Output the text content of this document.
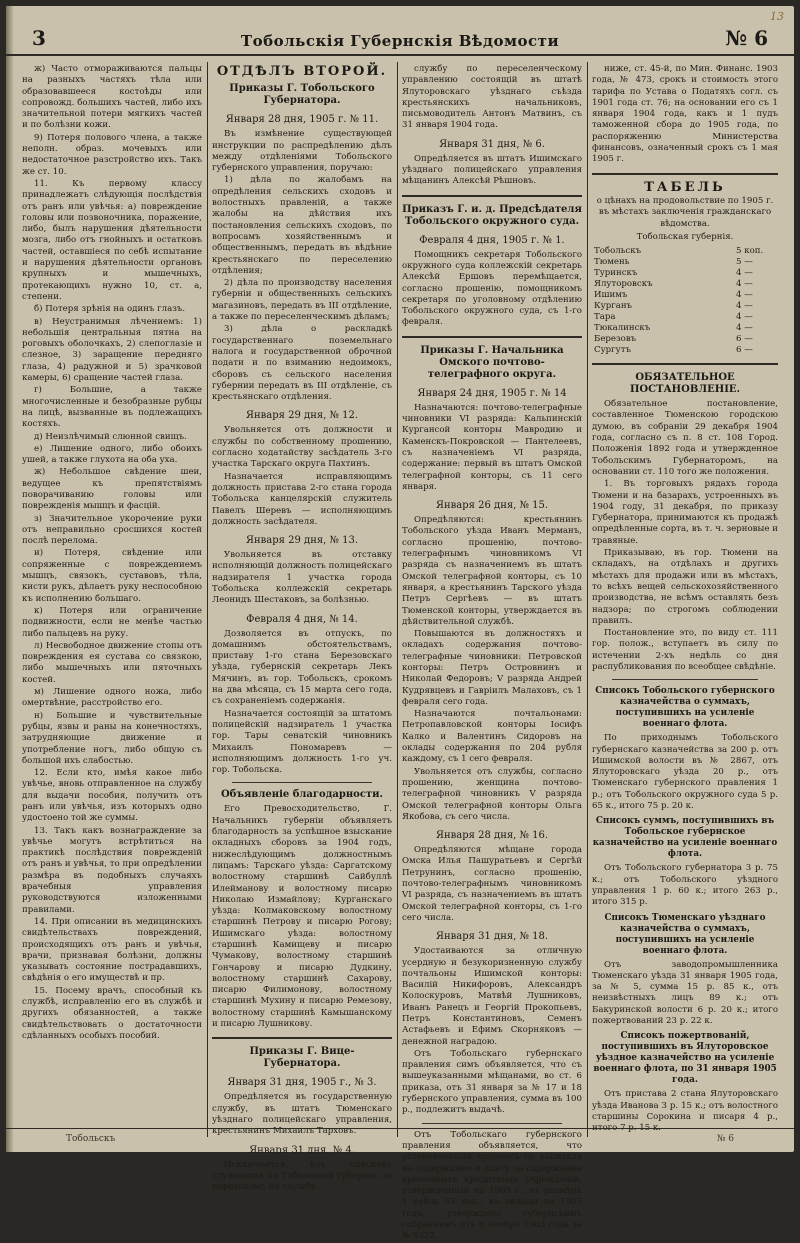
3	Тобольскія Губернскія Вѣдомости	№ 6
13

ж) Часто отмораживаются пальцы на разныхъ частяхъ тѣла или образовавшееся костоѣды или сопровожд. большихъ частей, либо ихъ значительной потери мягкихъ частей и по болѣзни кожи.

9) Потеря полового члена, а также неполн. образ. мочевыхъ или недостаточное разстройство ихъ. Такъ же ст. 10.

11. Къ первому классу принадлежатъ слѣдующія послѣдствія отъ ранъ или увѣчья: а) повреждение головы или позвоночника, поражение, либо, былъ нарушения дѣятельности мозга, либо отъ гнойныхъ и остатковъ частей, оставшіеся по себѣ испытание и нарушения дѣятельности органовъ крупныхъ и мышечныхъ, протекающихъ нужно 10, ст. а, степени.

б) Потеря зрѣнія на одинъ глазъ.

в) Неустранимыя лѣчениемъ: 1) небольшія центральныя пятна на роговыхъ оболочкахъ, 2) слепоглазіе и слезное, 3) заращение передняго глаза, 4) радужной и 5) зрачковой камеры, 6) сращение частей глаза.

г) Большие, а также многочисленные и безобразные рубцы на лицѣ, вызванные въ подлежащихъ костяхъ.

д) Неизлѣчимый слюнной свищъ.

е) Лишение одного, либо обоихъ ушей, а также глухота на оба уха.

ж) Небольшое свѣдение шеи, ведущее къ препятствіямъ поворачиванию головы или поврежденія мышцъ и фасцій.

з) Значительное укорочение руки отъ неправильно сросшихся костей послѣ перелома.

и) Потеря, свѣдение или сопряженные с повреждениемъ мышцъ, связокъ, суставовъ, тѣла, кисти рукъ, дѣлаетъ руку неспособною къ исполнению большаго.

к) Потеря или ограничение подвижности, если не менѣе частью либо пальцевъ на руку.

л) Несвободное движение стопы отъ повреждения ея сустава со связкою, либо мышечныхъ или пяточныхъ костей.

м) Лишение одного ножа, либо омертвѣние, расстройство его.

н) Большие и чувствительные рубцы, язвы и раны на конечностяхъ, затрудняющие движение и употребление ногъ, либо общую съ большой ихъ слабостью.

12. Если кто, имѣя какое либо увѣчье, вновь отправленное на службу для выдачи пособия, получить отъ ранъ или увѣчья, изъ которыхъ одно удостоено той же суммы.

13. Такъ какъ вознаграждение за увѣчье могутъ встрѣтиться на практикѣ послѣдствия поврежденій отъ ранъ и увѣчья, то при опредѣлении размѣра въ подобныхъ случаяхъ врачебныя управления руководствуются изложенными правилами.

14. При описании въ медицинскихъ свидѣтельствахъ повреждений, происходящихъ отъ ранъ и увѣчья, врачи, признавая болѣзни, должны указывать состояние пострадавшихъ, свѣдѣнія о его имуществѣ и пр.

15. Посему врачъ, способный къ службѣ, исправленію его въ службѣ и другихъ обязанностей, а также свидѣтельствовать о достаточности сдѣланныхъ особыхъ пособий.

ОТДѢЛЪ ВТОРОЙ.
Приказы Г. Тобольского Губернатора.
Января 28 дня, 1905 г. № 11.

Въ измѣнение существующей инструкции по распредѣлению дѣлъ между отдѣленіями Тобольского губернского управления, поручаю:

1) дѣла по жалобамъ на опредѣления сельскихъ сходовъ и волостныхъ правленій, а также жалобы на дѣйствия ихъ постановления сельскихъ сходовъ, по вопросамъ хозяйственнымъ и общественнымъ, передать въ вѣдѣние крестьянскаго по переселению отдѣления;

2) дѣла по производству населения губерніи и общественныхъ сельскихъ магазиновъ, передать въ III отдѣление, а также по переселенческимъ дѣламъ;

3) дѣла о раскладкѣ государственнаго поземельнаго налога и государственной оброчной подати и по взиманию недоимокъ, сборовъ съ сельского населения губернии передать въ III отдѣленіе, съ крестьянскаго отдѣления.

Января 29 дня, № 12.

Увольняется отъ должности и службы по собственному прошению, согласно ходатайству засѣдатель 3-го участка Тарскаго округа Пахтинъ.

Назначается исправляющимъ должность пристава 2-го стана города Тобольска канцелярскій служитель Павелъ Шеревъ — исполняющимъ должность засѣдателя.

Января 29 дня, № 13.

Увольняется въ отставку исполняющій должность полицейскаго надзирателя 1 участка города Тобольска коллежскій секретарь Леонидъ Шестаковъ, за болѣзнью.

Февраля 4 дня, № 14.

Дозволяется въ отпускъ, по домашнимъ обстоятельствамъ, приставу 1-го стана Березовскаго уѣзда, губернскій секретарь Лекъ Мячинъ, въ гор. Тобольскъ, срокомъ на два мѣсяца, съ 15 марта сего года, съ сохраненіемъ содержанія.

Назначается состоящій за штатомъ полицейскій надзиратель 1 участка гор. Тары сенатскій чиновникъ Михаилъ Пономаревъ — исполняющимъ должность 1-го уч. гор. Тобольска.

Объявленіе благодарности.

Его Превосходительство, Г. Начальникъ губерніи объявляетъ благодарность за успѣшное взыскание окладныхъ сборовъ за 1904 годъ, нижеслѣдующимъ должностнымъ лицамъ: Тарскаго уѣзда: Саргатскому волостному старшинѣ Сайбуллѣ Илейманову и волостному писарю Николаю Измайлову; Курганскаго уѣзда: Колмаковскому волостному старшинѣ Петрову и писарю Рогову; Ишимскаго уѣзда: волостному старшинѣ Камищеву и писарю Чумакову, волостному старшинѣ Гончарову и писарю Дудкину, волостному старшинѣ Сахарову, писарю Филимонову, волостному старшинѣ Мухину и писарю Ремезову, волостному старшинѣ Камышанскому и писарю Лушникову.

Приказы Г. Вице-Губернатора.
Января 31 дня, 1905 г., № 3.

Опредѣляется въ государственную службу, въ штатъ Тюменскаго уѣзднаго полицейскаго управления, крестьянинъ Михаилъ Тарховъ.

Января 31 дня, № 4.

Исключается изъ списковъ служащихъ по Тобольской губерніи, за переходомъ на службу.

службу по переселенческому управлению состоящій въ штатѣ Ялуторовскаго уѣзднаго съѣзда крестьянскихъ начальниковъ, письмоводитель Антонъ Матвинъ, съ 31 января 1904 года.

Января 31 дня, № 6.

Опредѣляется въ штатъ Ишимскаго уѣзднаго полицейскаго управления мѣщанинъ Алексѣй Рѣшновъ.

Приказъ Г. и. д. Предсѣдателя Тобольского окружного суда.
Февраля 4 дня, 1905 г. № 1.

Помощникъ секретаря Тобольского окружного суда коллежскій секретарь Алексѣй Ершовъ перемѣщается, согласно прошенію, помощникомъ секретаря по уголовному отдѣлению Тобольского окружного суда, съ 1-го февраля.

Приказы Г. Начальника Омского почтово-телеграфного округа.
Января 24 дня, 1905 г. № 14

Назначаются: почтово-телеграфные чиновники VI разряда: Кальпинскій Кургансой конторы Мавродию и Каменскъ-Покровской — Пантелеевъ, съ назначеніемъ VI разряда, содержание: первый въ штатъ Омской телеграфной конторы, съ 11 сего января.

Января 26 дня, № 15.

Опредѣляются: крестьянинъ Тобольского уѣзда Иванъ Мерманъ, согласно прошенію, почтово-телеграфнымъ чиновникомъ VI разряда съ назначениемъ въ штатъ Омской телеграфной конторы, съ 10 января, а крестьянинъ Тарского уѣзда Петръ Сергѣевъ — въ штатъ Тюменской конторы, утверждается въ дѣйствительной службѣ.

Повышаются въ должностяхъ и окладахъ содержания почтово-телеграфные чиновники: Петровской конторы: Петръ Островнинъ и Николай Федоровъ; V разряда Андрей Кудрявцевъ и Гаврiилъ Малаховъ, съ 1 февраля сего года.

Назначаются почтальонами: Петропавловской конторы Iосифъ Калко и Валентинъ Сидоровъ на оклады содержания по 204 рубля каждому, съ 1 сего февраля.

Увольняется отъ службы, согласно прошению, женщина почтово-телеграфной чиновникъ V разряда Омской телеграфной конторы Ольга Якобова, съ сего числа.

Января 28 дня, № 16.

Опредѣляются мѣщане города Омска Илья Пашуратьевъ и Сергѣй Петрунинъ, согласно прошенію, почтово-телеграфнымъ чиновникомъ VI разряда, съ назначениемъ въ штатъ Омской телеграфной конторы, съ 1-го сего числа.

Января 31 дня, № 18.

Удостаиваются за отличную усердную и безукоризненную службу почтальоны Ишимской конторы: Василій Никифоровъ, Александръ Колоскуровъ, Матвѣй Лушниковъ, Иванъ Ранецъ и Георгій Прокопьевъ, Петръ Константиновъ, Семенъ Астафьевъ и Ефимъ Скорняковъ — денежной наградою.

Отъ Тобольскаго губернскаго правления симъ объявляется, что съ вышеуказанными мѣщанами, во ст. 6 приказа, отъ 31 января за № 17 и 18 губернского управления, сумма въ 100 р., подлежитъ выдачѣ.

Отъ Тобольскаго губернского правления объявляется, что установленный процентъ съ капитала на содержание и плату за содержание временныхъ кредитныхъ учрежденій, утвержденный на 1905 г., въ размѣрѣ 1 рубль 53 коп.; въ оклады на 1905 годъ, утверждено губернскимъ собраниемъ отъ 6 ноября 1903 года за № 9322.

ниже, ст. 45-й, по Мин. Финанс. 1903 года, № 473, срокъ и стоимость этого тарифа по Устава о Податяхъ согл. съ 1901 года ст. 76; на основании его съ 1 января 1904 года, какъ и 1 пудъ таможенной сбора до 1905 года, по распоряжению Министерства финансовъ, означенный срокъ съ 1 мая 1905 г.

ТАБЕЛЬ
о цѣнахъ на продовольствие по 1905 г. въ мѣстахъ заключенія гражданскаго вѣдомства.
Тобольская губернія.
Тобольскъ	5 коп.
Тюмень	5 —
Туринскъ	4 —
Ялуторовскъ	4 —
Ишимъ	4 —
Курганъ	4 —
Тара	4 —
Тюкалинскъ	4 —
Березовъ	6 —
Сургутъ	6 —
ОБЯЗАТЕЛЬНОЕ ПОСТАНОВЛЕНІЕ.

Обязательное постановление, составленное Тюменскою городскою думою, въ собраніи 29 декабря 1904 года, согласно съ п. 8 ст. 108 Город. Положенія 1892 года и утвержденное Тобольскимъ Губернаторомъ, на основании ст. 110 того же положения.

1. Въ торговыхъ рядахъ города Тюмени и на базарахъ, устроенныхъ въ 1904 году, 31 декабря, по приказу Губернатора, принимаются къ продажѣ опредѣленные сорта, въ т. ч. зерновые и травяные.

Приказываю, въ гор. Тюмени на складахъ, на отдѣлахъ и другихъ мѣстахъ для продажи или въ мѣстахъ, то всѣхъ вещей сельскохозяйственного производства, не всѣмъ оставлять безъ надзора; по строгомъ соблюдении правилъ.

Постановление это, по виду ст. 111 гор. полож., вступаетъ въ силу по истечении 2-хъ недѣль со дня распубликования по всеобщее свѣдѣніе.

Списокъ Тобольского губернского казначейства о суммахъ, поступившихъ на усиленіе военнаго флота.

По приходнымъ Тобольского губернскаго казначейства за 200 р. отъ Ишимской волости въ № 2867, отъ Ялуторовскаго уѣзда 20 р., отъ Тюменскаго губернского правления 1 р.; отъ Тобольского окружного суда 5 р. 65 к., итого 75 р. 20 к.

Списокъ суммъ, поступившихъ въ Тобольское губернское казначейство на усиленіе военнаго флота.

Отъ Тобольского губернатора 3 р. 75 к.; отъ Тобольского уѣздного управления 1 р. 60 к.; итого 263 р., итого 315 р.

Списокъ Тюменскаго уѣзднаго казначейства о суммахъ, поступившихъ на усиленіе военнаго флота.

Отъ заводопромышленника Тюменскаго уѣзда 31 января 1905 года, за № 5, сумма 15 р. 85 к., отъ неизвѣстныхъ лицъ 89 к.; отъ Бакуринской волости 6 р. 20 к.; итого пожертвований 23 р. 22 к.

Списокъ пожертвованій, поступившихъ въ Ялуторовское уѣздное казначейство на усиленіе военнаго флота, по 31 января 1905 года.

Отъ пристава 2 стана Ялуторовскаго уѣзда Иванова 3 р. 15 к.; отъ волостного старшины Сорокина и писаря 4 р., итого 7 р. 15 к.

Тобольскъ	№ 6
